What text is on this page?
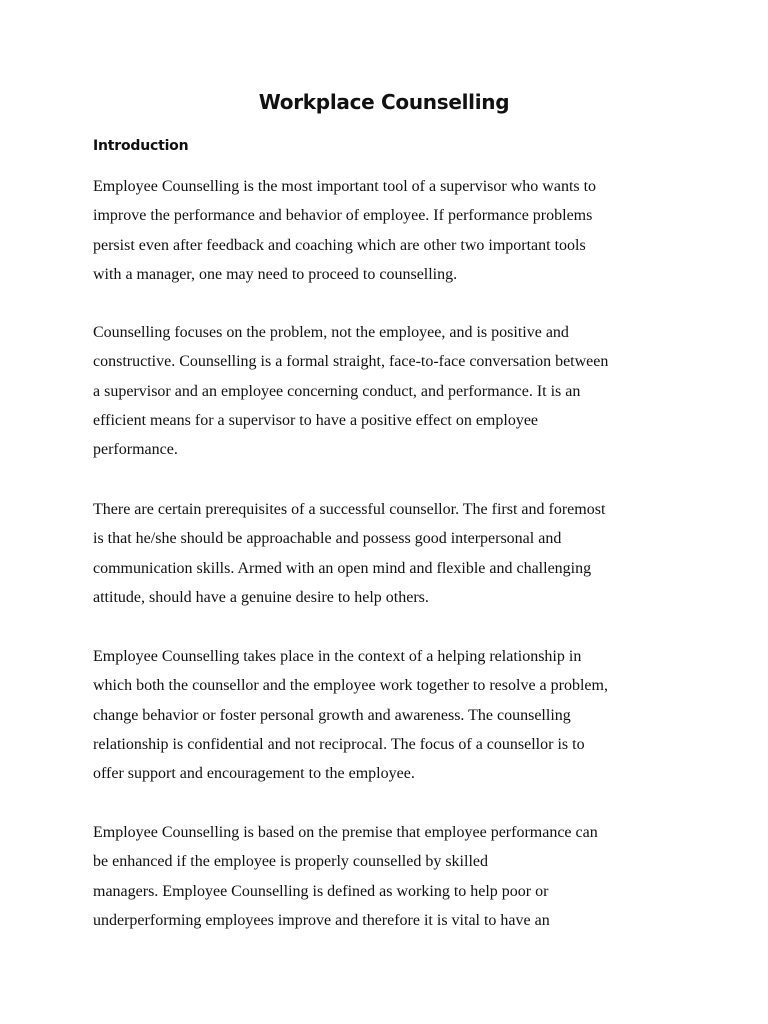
Workplace Counselling
Introduction
Employee Counselling is the most important tool of a supervisor who wants to
improve the performance and behavior of employee. If performance problems
persist even after feedback and coaching which are other two important tools
with a manager, one may need to proceed to counselling.
Counselling focuses on the problem, not the employee, and is positive and
constructive. Counselling is a formal straight, face-to-face conversation between
a supervisor and an employee concerning conduct, and performance. It is an
efficient means for a supervisor to have a positive effect on employee
performance.
There are certain prerequisites of a successful counsellor. The first and foremost
is that he/she should be approachable and possess good interpersonal and
communication skills. Armed with an open mind and flexible and challenging
attitude, should have a genuine desire to help others.
Employee Counselling takes place in the context of a helping relationship in
which both the counsellor and the employee work together to resolve a problem,
change behavior or foster personal growth and awareness. The counselling
relationship is confidential and not reciprocal. The focus of a counsellor is to
offer support and encouragement to the employee.
Employee Counselling is based on the premise that employee performance can
be enhanced if the employee is properly counselled by skilled
managers. Employee Counselling is defined as working to help poor or
underperforming employees improve and therefore it is vital to have an
